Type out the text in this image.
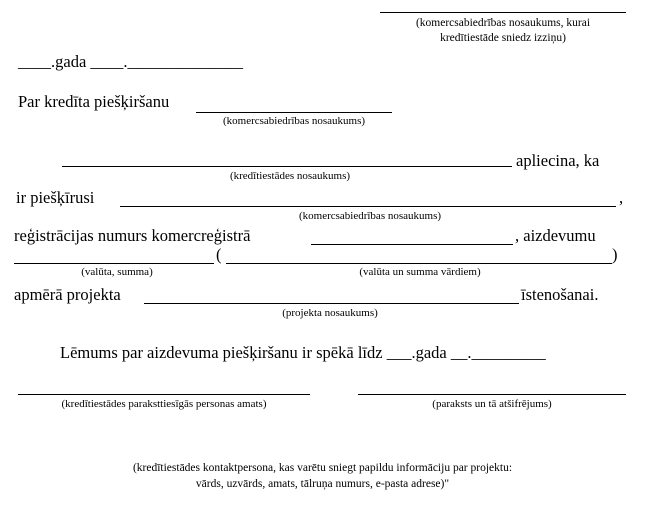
(komercsabiedrības nosaukums, kurai
kredītiestāde sniedz izziņu)
____.gada ____.______________
Par kredīta piešķiršanu
(komercsabiedrības nosaukums)
apliecina, ka
(kredītiestādes nosaukums)
ir piešķīrusi	,
(komercsabiedrības nosaukums)
reģistrācijas numurs komercreģistrā	, aizdevumu
(	)
(valūta, summa)	(valūta un summa vārdiem)
apmērā projekta	īstenošanai.
(projekta nosaukums)
Lēmums par aizdevuma piešķiršanu ir spēkā līdz ___.gada __._________
(kredītiestādes paraksttiesīgās personas amats)	(paraksts un tā atšifrējums)
(kredītiestādes kontaktpersona, kas varētu sniegt papildu informāciju par projektu:
vārds, uzvārds, amats, tālruņa numurs, e-pasta adrese)"
